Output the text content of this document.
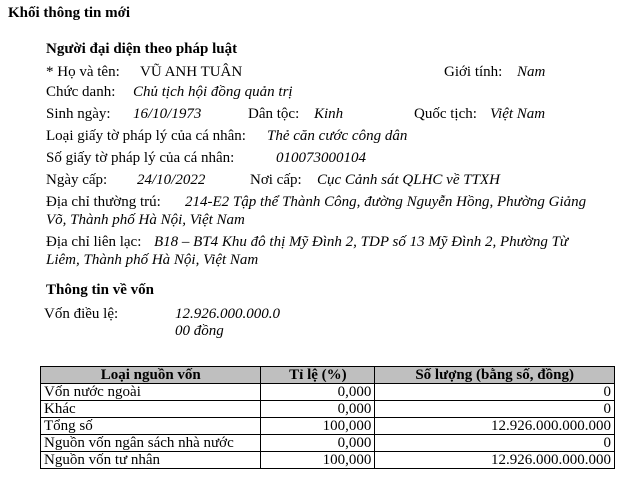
Khối thông tin mới
Người đại diện theo pháp luật
* Họ và tên: VŨ ANH TUÂN	Giới tính: Nam
Chức danh: Chủ tịch hội đồng quản trị
Sinh ngày: 16/10/1973	Dân tộc: Kinh	Quốc tịch: Việt Nam
Loại giấy tờ pháp lý của cá nhân: Thẻ căn cước công dân
Số giấy tờ pháp lý của cá nhân:	010073000104
Ngày cấp: 24/10/2022	Nơi cấp: Cục Cảnh sát QLHC về TTXH
Địa chỉ thường trú: 214-E2 Tập thể Thành Công, đường Nguyễn Hồng, Phường Giảng
Võ, Thành phố Hà Nội, Việt Nam
Địa chỉ liên lạc: B18 – BT4 Khu đô thị Mỹ Đình 2, TDP số 13 Mỹ Đình 2, Phường Từ
Liêm, Thành phố Hà Nội, Việt Nam
Thông tin về vốn
Vốn điều lệ:	12.926.000.000.0
00 đồng
Loại nguồn vốn	Tỉ lệ (%)	Số lượng (bằng số, đồng)
Vốn nước ngoài	0,000	0
Khác	0,000	0
Tổng số	100,000	12.926.000.000.000
Nguồn vốn ngân sách nhà nước	0,000	0
Nguồn vốn tư nhân	100,000	12.926.000.000.000
